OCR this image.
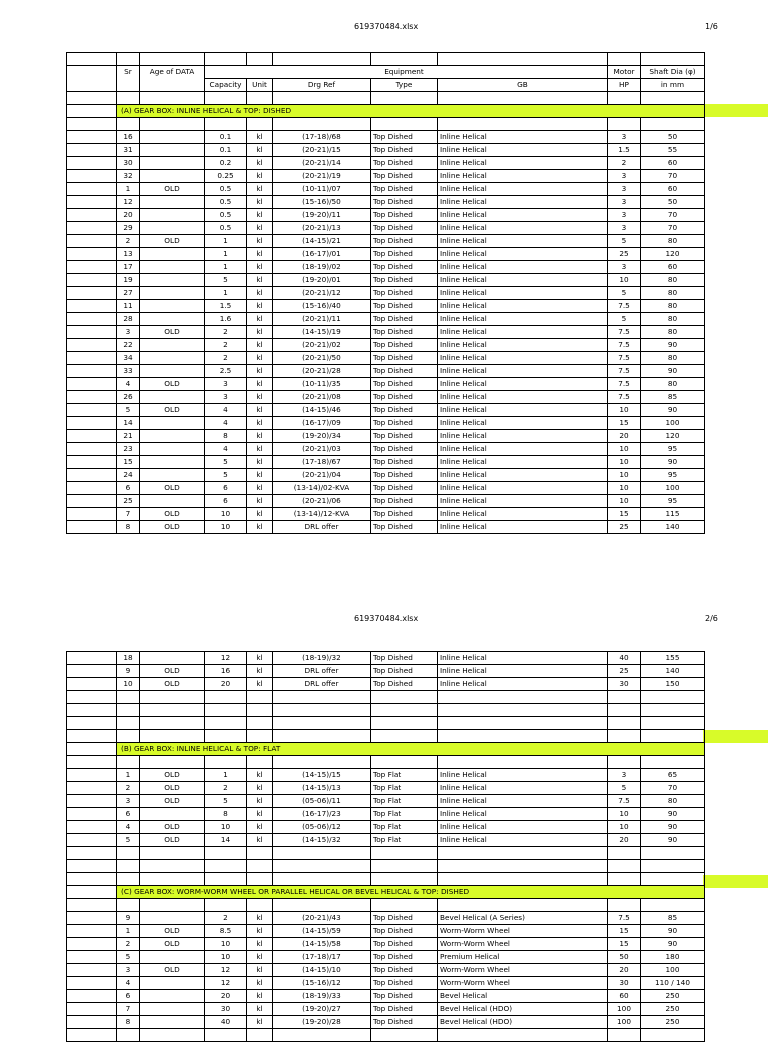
619370484.xlsx	1/6

	Sr	Age of DATA				Equipment		Motor	Shaft Dia (φ)
			Capacity	Unit	Drg Ref	Type	GB	HP	in mm

	(A) GEAR BOX: INLINE HELICAL & TOP: DISHED								

	16		0.1	kl	(17-18)/68	Top Dished	Inline Helical	3	50
	31		0.1	kl	(20-21)/15	Top Dished	Inline Helical	1.5	55
	30		0.2	kl	(20-21)/14	Top Dished	Inline Helical	2	60
	32		0.25	kl	(20-21)/19	Top Dished	Inline Helical	3	70
	1	OLD	0.5	kl	(10-11)/07	Top Dished	Inline Helical	3	60
	12		0.5	kl	(15-16)/50	Top Dished	Inline Helical	3	50
	20		0.5	kl	(19-20)/11	Top Dished	Inline Helical	3	70
	29		0.5	kl	(20-21)/13	Top Dished	Inline Helical	3	70
	2	OLD	1	kl	(14-15)/21	Top Dished	Inline Helical	5	80
	13		1	kl	(16-17)/01	Top Dished	Inline Helical	25	120
	17		1	kl	(18-19)/02	Top Dished	Inline Helical	3	60
	19		5	kl	(19-20)/01	Top Dished	Inline Helical	10	80
	27		1	kl	(20-21)/12	Top Dished	Inline Helical	5	80
	11		1.5	kl	(15-16)/40	Top Dished	Inline Helical	7.5	80
	28		1.6	kl	(20-21)/11	Top Dished	Inline Helical	5	80
	3	OLD	2	kl	(14-15)/19	Top Dished	Inline Helical	7.5	80
	22		2	kl	(20-21)/02	Top Dished	Inline Helical	7.5	90
	34		2	kl	(20-21)/50	Top Dished	Inline Helical	7.5	80
	33		2.5	kl	(20-21)/28	Top Dished	Inline Helical	7.5	90
	4	OLD	3	kl	(10-11)/35	Top Dished	Inline Helical	7.5	80
	26		3	kl	(20-21)/08	Top Dished	Inline Helical	7.5	85
	5	OLD	4	kl	(14-15)/46	Top Dished	Inline Helical	10	90
	14		4	kl	(16-17)/09	Top Dished	Inline Helical	15	100
	21		8	kl	(19-20)/34	Top Dished	Inline Helical	20	120
	23		4	kl	(20-21)/03	Top Dished	Inline Helical	10	95
	15		5	kl	(17-18)/67	Top Dished	Inline Helical	10	90
	24		5	kl	(20-21)/04	Top Dished	Inline Helical	10	95
	6	OLD	6	kl	(13-14)/02-KVA	Top Dished	Inline Helical	10	100
	25		6	kl	(20-21)/06	Top Dished	Inline Helical	10	95
	7	OLD	10	kl	(13-14)/12-KVA	Top Dished	Inline Helical	15	115
	8	OLD	10	kl	DRL offer	Top Dished	Inline Helical	25	140
619370484.xlsx	2/6
	18		12	kl	(18-19)/32	Top Dished	Inline Helical	40	155
	9	OLD	16	kl	DRL offer	Top Dished	Inline Helical	25	140
	10	OLD	20	kl	DRL offer	Top Dished	Inline Helical	30	150

	(B) GEAR BOX: INLINE HELICAL & TOP: FLAT								

	1	OLD	1	kl	(14-15)/15	Top Flat	Inline Helical	3	65
	2	OLD	2	kl	(14-15)/13	Top Flat	Inline Helical	5	70
	3	OLD	5	kl	(05-06)/11	Top Flat	Inline Helical	7.5	80
	6		8	kl	(16-17)/23	Top Flat	Inline Helical	10	90
	4	OLD	10	kl	(05-06)/12	Top Flat	Inline Helical	10	90
	5	OLD	14	kl	(14-15)/32	Top Flat	Inline Helical	20	90

	(C) GEAR BOX: WORM-WORM WHEEL OR PARALLEL HELICAL OR BEVEL HELICAL & TOP: DISHED								

	9		2	kl	(20-21)/43	Top Dished	Bevel Helical (A Series)	7.5	85
	1	OLD	8.5	kl	(14-15)/59	Top Dished	Worm-Worm Wheel	15	90
	2	OLD	10	kl	(14-15)/58	Top Dished	Worm-Worm Wheel	15	90
	5		10	kl	(17-18)/17	Top Dished	Premium Helical	50	180
	3	OLD	12	kl	(14-15)/10	Top Dished	Worm-Worm Wheel	20	100
	4		12	kl	(15-16)/12	Top Dished	Worm-Worm Wheel	30	110 / 140
	6		20	kl	(18-19)/33	Top Dished	Bevel Helical	60	250
	7		30	kl	(19-20)/27	Top Dished	Bevel Helical (HDO)	100	250
	8		40	kl	(19-20)/28	Top Dished	Bevel Helical (HDO)	100	250
